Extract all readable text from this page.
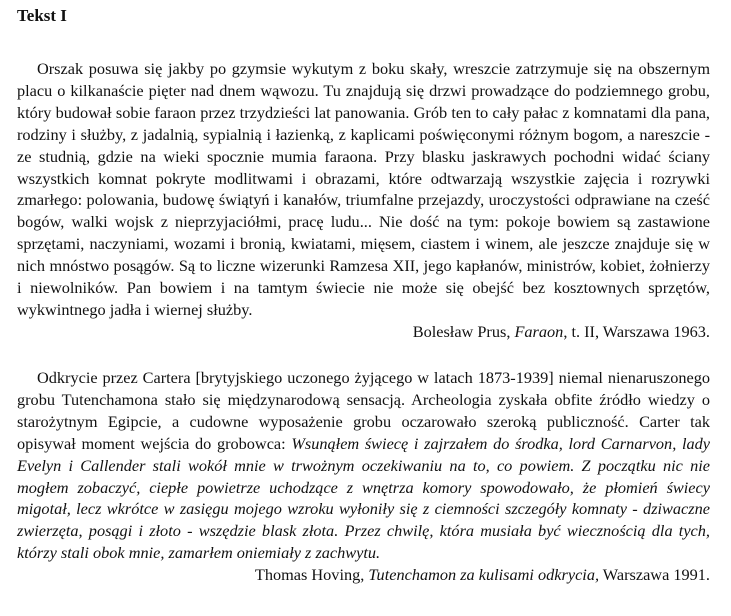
Tekst I

Orszak posuwa się jakby po gzymsie wykutym z boku skały, wreszcie zatrzymuje się na obszernym placu o kilkanaście pięter nad dnem wąwozu. Tu znajdują się drzwi prowadzące do podziemnego grobu, który budował sobie faraon przez trzydzieści lat panowania. Grób ten to cały pałac z komnatami dla pana, rodziny i służby, z jadalnią, sypialnią i łazienką, z kaplicami poświęconymi różnym bogom, a nareszcie - ze studnią, gdzie na wieki spocznie mumia faraona. Przy blasku jaskrawych pochodni widać ściany wszystkich komnat pokryte modlitwami i obrazami, które odtwarzają wszystkie zajęcia i rozrywki zmarłego: polowania, budowę świątyń i kanałów, triumfalne przejazdy, uroczystości odprawiane na cześć bogów, walki wojsk z nieprzyjaciółmi, pracę ludu... Nie dość na tym: pokoje bowiem są zastawione sprzętami, naczyniami, wozami i bronią, kwiatami, mięsem, ciastem i winem, ale jeszcze znajduje się w nich mnóstwo posągów. Są to liczne wizerunki Ramzesa XII, jego kapłanów, ministrów, kobiet, żołnierzy i niewolników. Pan bowiem i na tamtym świecie nie może się obejść bez kosztownych sprzętów, wykwintnego jadła i wiernej służby.
Bolesław Prus, Faraon, t. II, Warszawa 1963.

Odkrycie przez Cartera [brytyjskiego uczonego żyjącego w latach 1873-1939] niemal nienaruszonego grobu Tutenchamona stało się międzynarodową sensacją. Archeologia zyskała obfite źródło wiedzy o starożytnym Egipcie, a cudowne wyposażenie grobu oczarowało szeroką publiczność. Carter tak opisywał moment wejścia do grobowca: Wsunąłem świecę i zajrzałem do środka, lord Carnarvon, lady Evelyn i Callender stali wokół mnie w trwożnym oczekiwaniu na to, co powiem. Z początku nic nie mogłem zobaczyć, ciepłe powietrze uchodzące z wnętrza komory spowodowało, że płomień świecy migotał, lecz wkrótce w zasięgu mojego wzroku wyłoniły się z ciemności szczegóły komnaty - dziwaczne zwierzęta, posągi i złoto - wszędzie blask złota. Przez chwilę, która musiała być wiecznością dla tych, którzy stali obok mnie, zamarłem oniemiały z zachwytu.
Thomas Hoving, Tutenchamon za kulisami odkrycia, Warszawa 1991.
